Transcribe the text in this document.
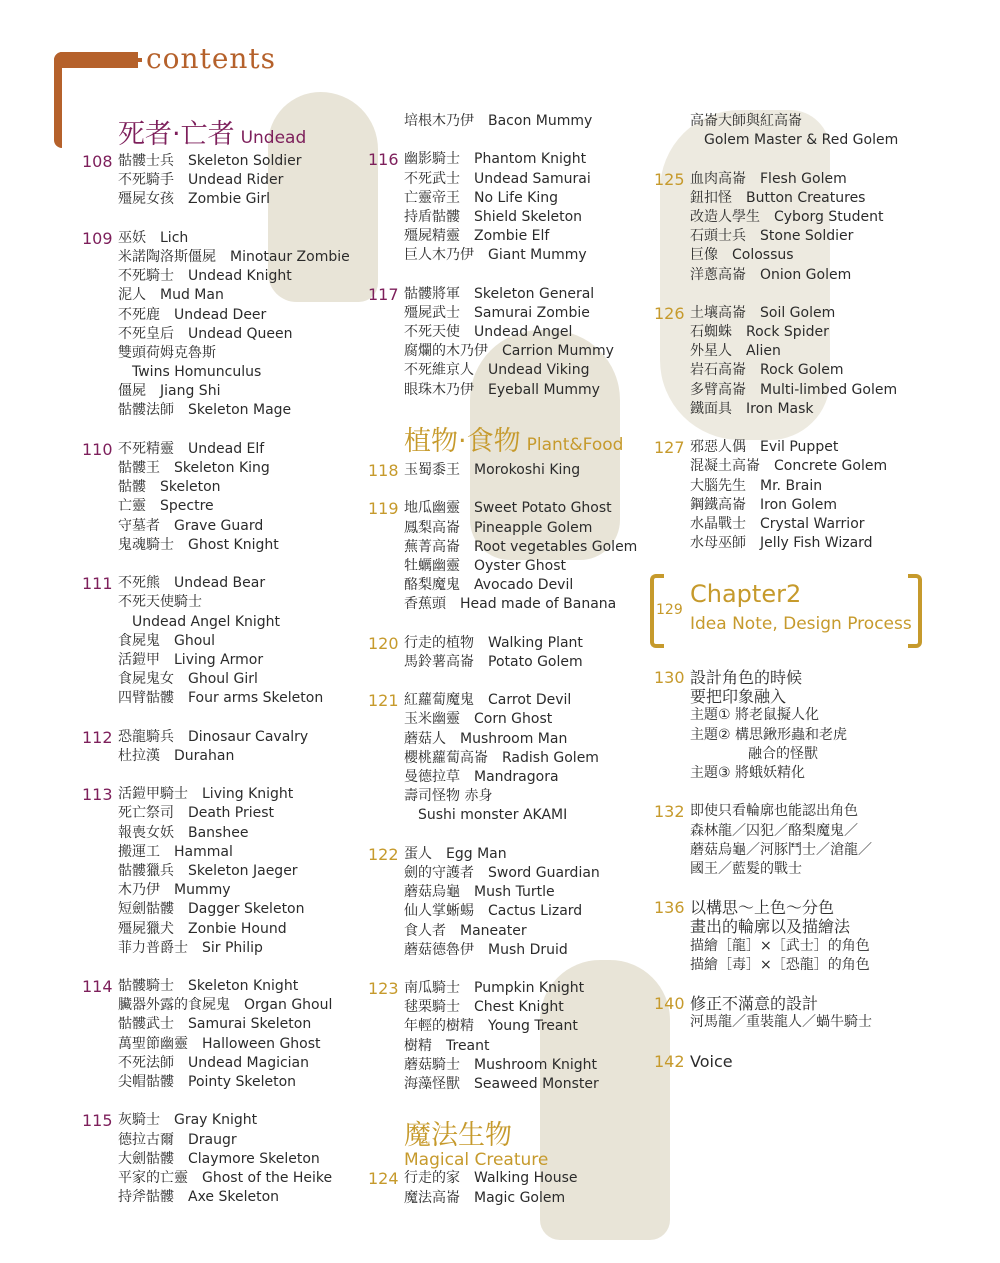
contents
死者‧亡者 Undead
108 骷髏士兵 Skeleton Soldier
不死騎手 Undead Rider
殭屍女孩 Zombie Girl
109 巫妖 Lich
米諾陶洛斯僵屍 Minotaur Zombie
不死騎士 Undead Knight
泥人 Mud Man
不死鹿 Undead Deer
不死皇后 Undead Queen
雙頭荷姆克魯斯
Twins Homunculus
僵屍 Jiang Shi
骷髏法師 Skeleton Mage
110 不死精靈 Undead Elf
骷髏王 Skeleton King
骷髏 Skeleton
亡靈 Spectre
守墓者 Grave Guard
鬼魂騎士 Ghost Knight
111 不死熊 Undead Bear
不死天使騎士
Undead Angel Knight
食屍鬼 Ghoul
活鎧甲 Living Armor
食屍鬼女 Ghoul Girl
四臂骷髏 Four arms Skeleton
112 恐龍騎兵 Dinosaur Cavalry
杜拉漢 Durahan
113 活鎧甲騎士 Living Knight
死亡祭司 Death Priest
報喪女妖 Banshee
搬運工 Hammal
骷髏獵兵 Skeleton Jaeger
木乃伊 Mummy
短劍骷髏 Dagger Skeleton
殭屍獵犬 Zonbie Hound
菲力普爵士 Sir Philip
114 骷髏騎士 Skeleton Knight
臟器外露的食屍鬼 Organ Ghoul
骷髏武士 Samurai Skeleton
萬聖節幽靈 Halloween Ghost
不死法師 Undead Magician
尖帽骷髏 Pointy Skeleton
115 灰騎士 Gray Knight
德拉古爾 Draugr
大劍骷髏 Claymore Skeleton
平家的亡靈 Ghost of the Heike
持斧骷髏 Axe Skeleton
培根木乃伊 Bacon Mummy
116 幽影騎士 Phantom Knight
不死武士 Undead Samurai
亡靈帝王 No Life King
持盾骷髏 Shield Skeleton
殭屍精靈 Zombie Elf
巨人木乃伊 Giant Mummy
117 骷髏將軍 Skeleton General
殭屍武士 Samurai Zombie
不死天使 Undead Angel
腐爛的木乃伊 Carrion Mummy
不死維京人 Undead Viking
眼珠木乃伊 Eyeball Mummy
植物‧食物 Plant&Food
118 玉蜀黍王 Morokoshi King
119 地瓜幽靈 Sweet Potato Ghost
鳳梨高崙 Pineapple Golem
蕪菁高崙 Root vegetables Golem
牡蠣幽靈 Oyster Ghost
酪梨魔鬼 Avocado Devil
香蕉頭 Head made of Banana
120 行走的植物 Walking Plant
馬鈴薯高崙 Potato Golem
121 紅蘿蔔魔鬼 Carrot Devil
玉米幽靈 Corn Ghost
蘑菇人 Mushroom Man
櫻桃蘿蔔高崙 Radish Golem
曼德拉草 Mandragora
壽司怪物 赤身
Sushi monster AKAMI
122 蛋人 Egg Man
劍的守護者 Sword Guardian
蘑菇烏龜 Mush Turtle
仙人掌蜥蜴 Cactus Lizard
食人者 Maneater
蘑菇德魯伊 Mush Druid
123 南瓜騎士 Pumpkin Knight
毬栗騎士 Chest Knight
年輕的樹精 Young Treant
樹精 Treant
蘑菇騎士 Mushroom Knight
海藻怪獸 Seaweed Monster
魔法生物
Magical Creature
124 行走的家 Walking House
魔法高崙 Magic Golem
高崙大師與紅高崙
Golem Master & Red Golem
125 血肉高崙 Flesh Golem
鈕扣怪 Button Creatures
改造人學生 Cyborg Student
石頭士兵 Stone Soldier
巨像 Colossus
洋蔥高崙 Onion Golem
126 土壤高崙 Soil Golem
石蜘蛛 Rock Spider
外星人 Alien
岩石高崙 Rock Golem
多臂高崙 Multi-limbed Golem
鐵面具 Iron Mask
127 邪惡人偶 Evil Puppet
混凝土高崙 Concrete Golem
大腦先生 Mr. Brain
鋼鐵高崙 Iron Golem
水晶戰士 Crystal Warrior
水母巫師 Jelly Fish Wizard
129
Chapter2
Idea Note, Design Process
130 設計角色的時候
要把印象融入
主題① 將老鼠擬人化
主題② 構思鍬形蟲和老虎
融合的怪獸
主題③ 將蛾妖精化
132 即使只看輪廓也能認出角色
森林龍／囚犯／酪梨魔鬼／
蘑菇烏龜／河豚鬥士／滄龍／
國王／藍髮的戰士
136 以構思～上色～分色
畫出的輪廓以及描繪法
描繪［龍］×［武士］的角色
描繪［毒］×［恐龍］的角色
140 修正不滿意的設計
河馬龍／重裝龍人／蝸牛騎士
142 Voice
